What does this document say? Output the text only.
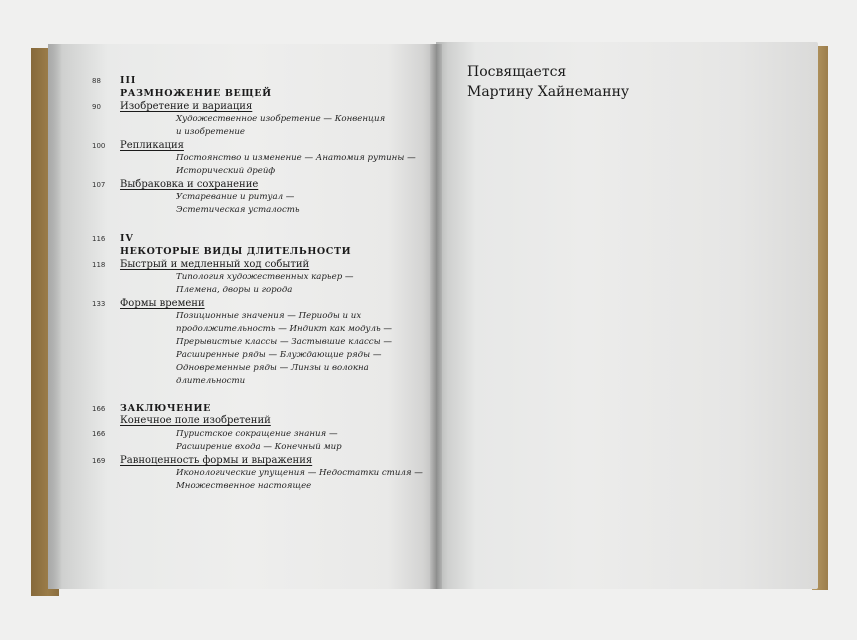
88 III
РАЗМНОЖЕНИЕ ВЕЩЕЙ
90 Изобретение и вариация
Художественное изобретение — Конвенция
и изобретение
100 Репликация
Постоянство и изменение — Анатомия рутины —
Исторический дрейф
107 Выбраковка и сохранение
Устаревание и ритуал —
Эстетическая усталость
116 IV
НЕКОТОРЫЕ ВИДЫ ДЛИТЕЛЬНОСТИ
118 Быстрый и медленный ход событий
Типология художественных карьер —
Племена, дворы и города
133 Формы времени
Позиционные значения — Периоды и их
продолжительность — Индикт как модуль —
Прерывистые классы — Застывшие классы —
Расширенные ряды — Блуждающие ряды —
Одновременные ряды — Линзы и волокна
длительности
166 ЗАКЛЮЧЕНИЕ
166
Конечное поле изобретений
Пуристское сокращение знания —
Расширение входа — Конечный мир
169 Равноценность формы и выражения
Иконологические упущения — Недостатки стиля —
Множественное настоящее
Посвящается
Мартину Хайнеманну
